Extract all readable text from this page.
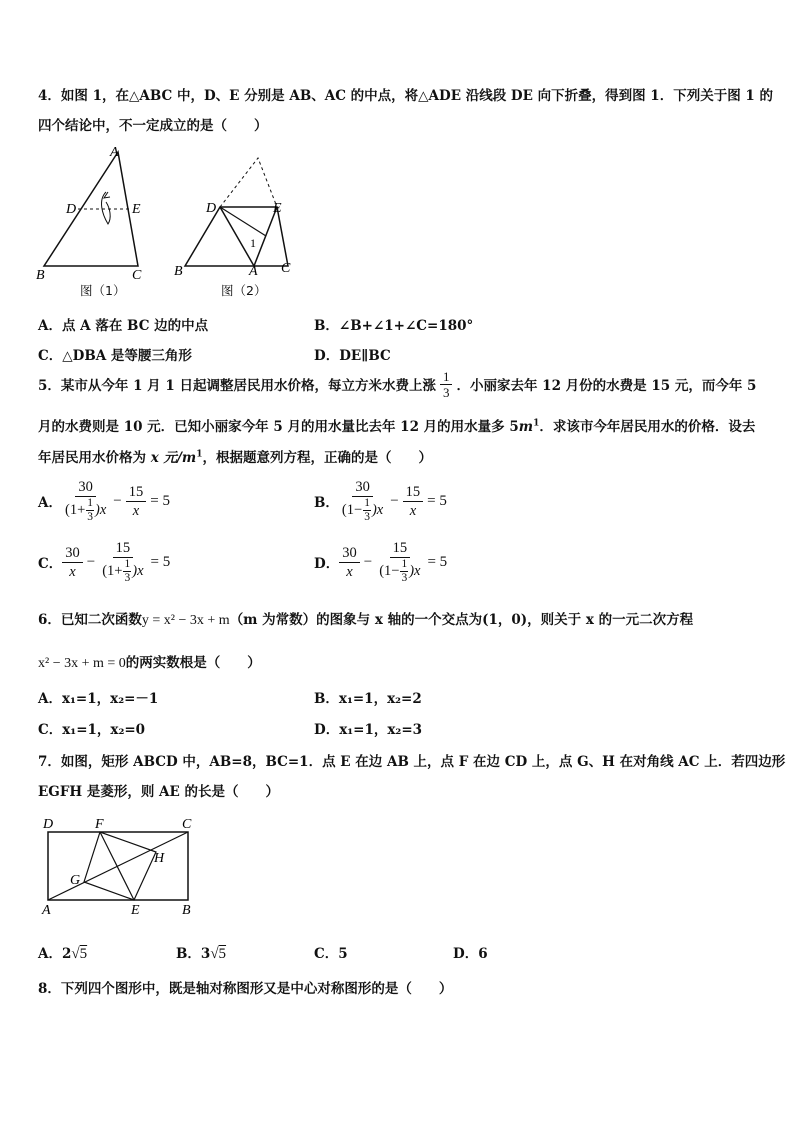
4．如图 1，在△ABC 中，D、E 分别是 AB、AC 的中点，将△ADE 沿线段 DE 向下折叠，得到图 1．下列关于图 1 的
四个结论中，不一定成立的是（　　）
A
B	C
D	E
图（1）
B	A C
D	E
1
图（2）
A．点 A 落在 BC 边的中点	B．∠B+∠1+∠C=180°
C．△DBA 是等腰三角形	D．DE∥BC
5．某市从今年 1 月 1 日起调整居民用水价格，每立方米水费上涨 $\frac{1}{3}$ ．小丽家去年 12 月份的水费是 15 元，而今年 5
月的水费则是 10 元．已知小丽家今年 5 月的用水量比去年 12 月的用水量多 $5m^1$．求该市今年居民用水的价格．设去
年居民用水价格为 x 元$/m^1$，根据题意列方程，正确的是（　　）
A． $\frac{30}{(1+ \frac{1}{3} )x} - \frac{15}{x} = 5$	B． $\frac{30}{(1- \frac{1}{3} )x} - \frac{15}{x} = 5$
C． $\frac{30}{x} - \frac{15}{(1+ \frac{1}{3} )x} = 5$	D． $\frac{30}{x} - \frac{15}{(1- \frac{1}{3} )x} = 5$
6．已知二次函数y = x² − 3x + m（m 为常数）的图象与 x 轴的一个交点为(1，0)，则关于 x 的一元二次方程
x² − 3x + m = 0的两实数根是（　　）
A．x₁=1，x₂=－1	B．x₁=1，x₂=2
C．x₁=1，x₂=0	D．x₁=1，x₂=3
7．如图，矩形 ABCD 中，AB=8，BC=1．点 E 在边 AB 上，点 F 在边 CD 上，点 G、H 在对角线 AC 上．若四边形
EGFH 是菱形，则 AE 的长是（　　）
D	F	C
H
G
A	E	B
A．2√5	B．3√5	C．5	D．6
8．下列四个图形中，既是轴对称图形又是中心对称图形的是（　　）
